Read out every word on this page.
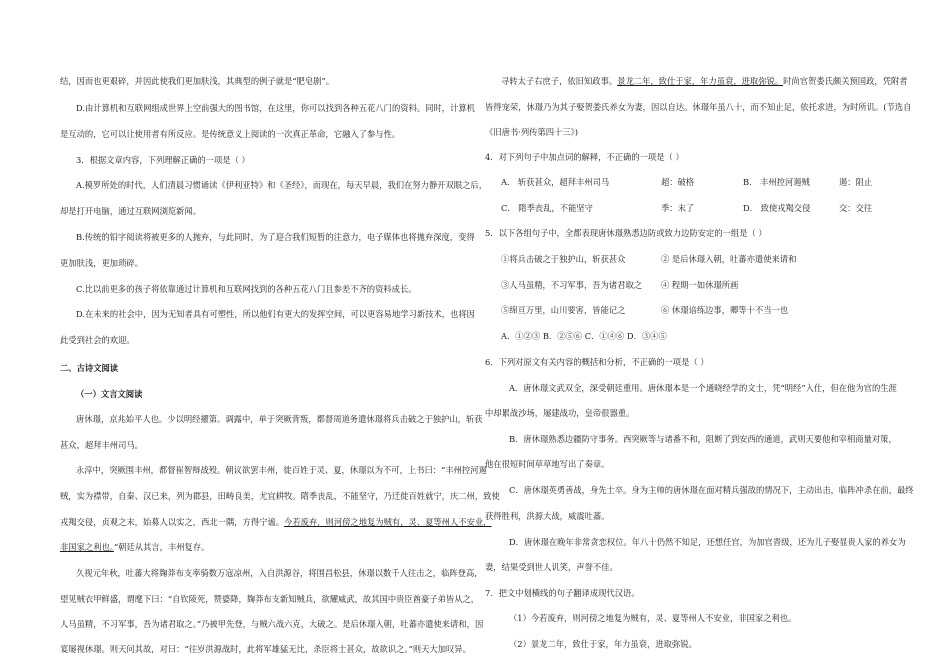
结，因而也更艰碎，并因此使我们更加肤浅，其典型的例子就是“肥皂剧”。
D.由计算机和互联网组成世界上空前强大的图书馆，在这里，你可以找到各种五花八门的资料。同时，计算机
是互动的，它可以让使用者有所反应。是传统意义上阅读的一次真正革命，它融入了参与性。
3．根据文章内容，下列理解正确的一项是（ ）
A.模罗所处的时代，人们清晨习惯诵读《伊利亚特》和《圣经》，而现在，每天早晨，我们在努力静开双眼之后，
却是打开电脑，通过互联网浏览新闻。
B.传统的铅字阅读将被更多的人抛弃，与此同时，为了迎合我们短暂的注意力，电子媒体也将拋弃深度，变得
更加肤浅，更加琐碎。
C.比以前更多的孩子将依靠通过计算机和互联网找到的各种五花八门且参差不齐的资料成长。
D.在未来的社会中，因为无知者具有可塑性，所以他们有更大的发挥空间，可以更容易地学习新技术，也将因
此受到社会的欢迎。
二、古诗文阅读
（一）文言文阅读
唐休璟，京兆始平人也。少以明经擢第。调露中，单于突厥背叛，都督周道务遣休璟将兵击破之于独护山，斩获
甚众，超拜丰州司马。
永淳中，突厥围丰州，都督崔智辩战殁。朝议欲罢丰州，徙百姓于灵、夏，休璟以为不可，上书曰：“丰州控河遏
贼，实为襟带，自秦、汉已来，列为郡县，田畴良美，尤宜耕牧。隋季丧乱，不能坚守，乃迁徙百姓就宁，庆二州，致使
戎羯交侵，贞观之末，始募人以实之，西北一隅，方得宁谧。今若废弃，则河傍之地复为贼有，灵、夏等州人不安业，
非国家之利也。”朝廷从其言，丰州复存。
久视元年秋，吐蕃大将麹莽布支率骑数万寇凉州，入自洪源谷，将围昌松县，休璟以数千人往击之，临阵登高，
望见贼衣甲鲜盛，谓麾下曰：“自钦陵死，赞婆降，麹莽布支新知贼兵，欲耀威武，故其国中贵臣酋豪子弟皆从之，
人马虽精，不习军事，吾为诸君取之。”乃被甲先登，与贼六战六克，大破之。是后休璟入朝，吐蕃亦遣使来请和，因
宴屡视休璟。则天问其故，对曰：“往岁洪源战时，此将军雄猛无比，杀臣将士甚众，故欲识之。”则天大加叹异。
寻转太子右庶子，依旧知政事。景龙二年，致仕于家，年力虽衰，进取弥锐。时尚官贺娄氏颇关预国政，凭附者
皆得宠荣，休璟乃为其子娶贺娄氏养女为妻，因以自达。休璟年虽八十，而不知止足，依托求进，为时所讥。(节选自
《旧唐书·列传第四十三》)
4．对下列句子中加点词的解释，不正确的一项是（ ）
A． 斩获甚众，超拜丰州司马	超：破格	B． 丰州控河遏贼	遏：阻止
C． 隋季丧乱，不能坚守	季：末了	D． 致使戎羯交侵	交：交往
5．以下各组句子中，全都表现唐休璟熟悉边防或致力边防安定的一组是（ ）
①将兵击破之于独护山，斩获甚众	② 是后休璟入朝，吐蕃亦遣使来请和
③人马虽精，不习军事，吾为诸君取之 ④ 程期一如休璟所画
⑤绵亘万里，山川要害，皆能记之	⑥ 休璟谙练边事，卿等十不当一也
A．①②③ B．②⑤⑥ C．①④⑥ D．③④⑤
6．下列对原文有关内容的概括和分析，不正确的一项是（ ）
A．唐休璟文武双全，深受朝廷重用。唐休璟本是一个通晓经学的文士，凭“明经”入仕，但在他为官的生涯
中却累战沙场，屡建战功，皇帝很器重。
B．唐休璟熟悉边疆防守事务。西突厥等与诸番不和，阻断了到安西的通道，武则天要他和宰相商量对策，
他在很短时间草草地写出了奏章。
C．唐休璟英勇善战，身先士卒。身为主帅的唐休璟在面对精兵强敌的情况下，主动出击，临阵冲杀在前，最终
获得胜利，洪源大战，威震吐蕃。
D．唐休璟在晚年非常贪恋权位。年八十仍然不知足，还想任官，为加官晋级，还为儿子娶显贵人家的养女为
妻，结果受到世人讥笑，声誉不佳。
7．把文中划横线的句子翻译成现代汉语。
（1）今若废弃，则河傍之地复为贼有，灵、夏等州人不安业，非国家之利也。
（2）景龙二年，致仕于家，年力虽衰，进取弥锐。
